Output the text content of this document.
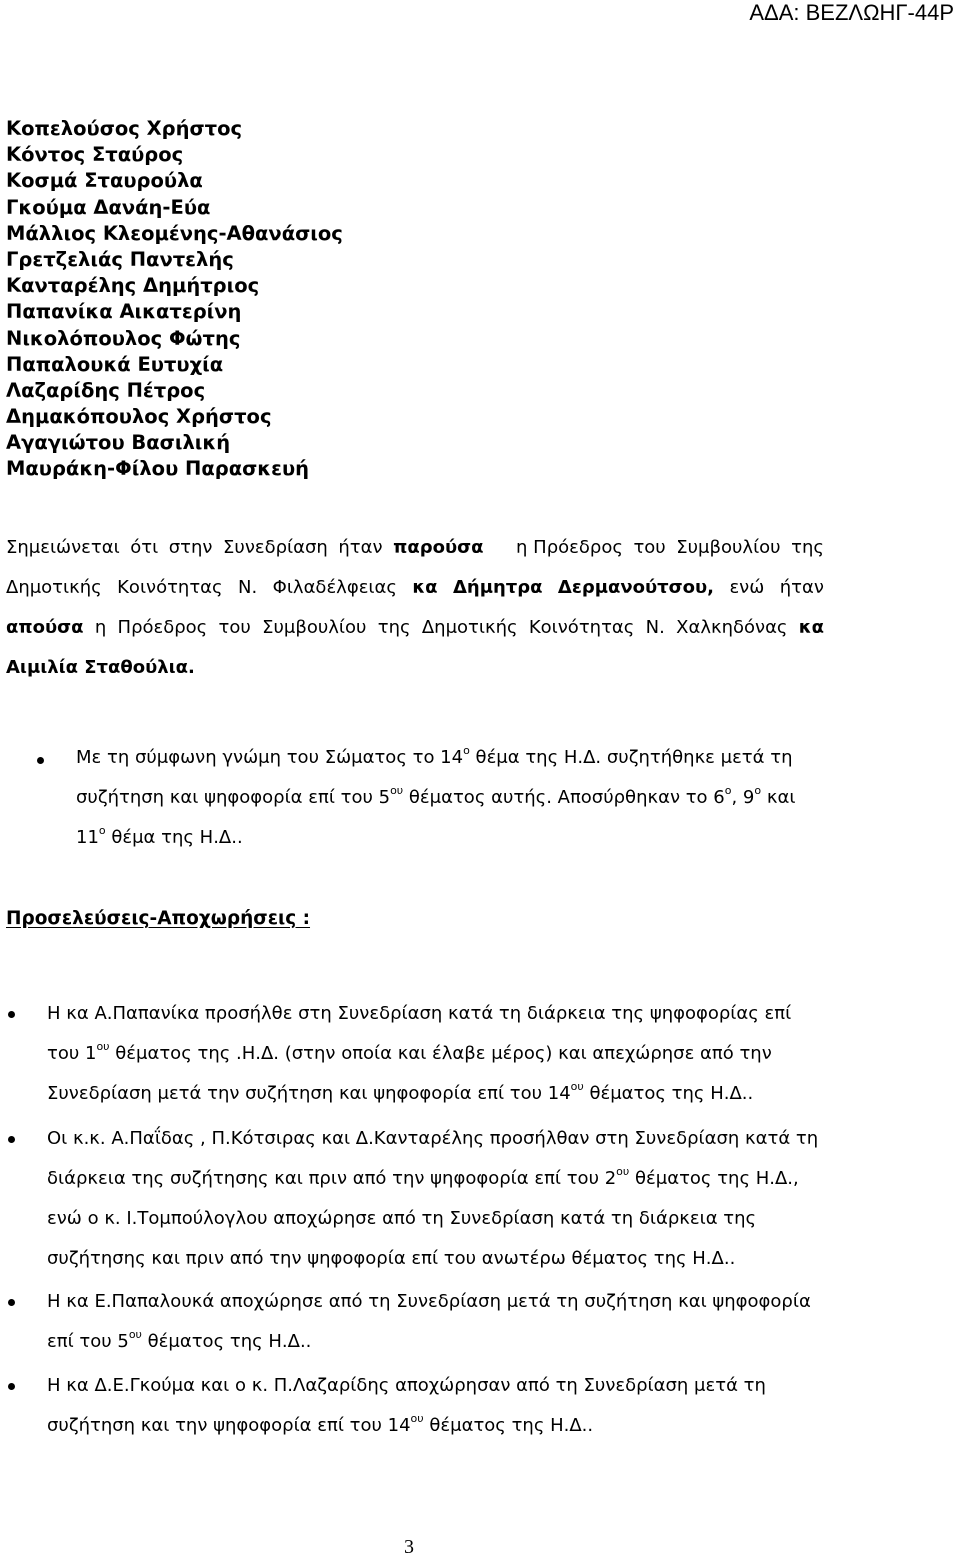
ΑΔΑ: ΒΕΖΛΩΗΓ-44Ρ
Κοπελούσος Χρήστος
Κόντος Σταύρος
Κοσμά Σταυρούλα
Γκούμα Δανάη-Εύα
Μάλλιος Κλεομένης-Αθανάσιος
Γρετζελιάς Παντελής
Κανταρέλης Δημήτριος
Παπανίκα Αικατερίνη
Νικολόπουλος Φώτης
Παπαλουκά Ευτυχία
Λαζαρίδης Πέτρος
Δημακόπουλος Χρήστος
Αγαγιώτου Βασιλική
Μαυράκη-Φίλου Παρασκευή
Σημειώνεται ότι στην Συνεδρίαση ήταν παρούσα η Πρόεδρος του Συμβουλίου της
Δημοτικής Κοινότητας Ν. Φιλαδέλφειας κα Δήμητρα Δερμανούτσου, ενώ ήταν
απούσα η Πρόεδρος του Συμβουλίου της Δημοτικής Κοινότητας Ν. Χαλκηδόνας κα
Αιμιλία Σταθούλια.
Με τη σύμφωνη γνώμη του Σώματος το $14^o$ θέμα της Η.Δ. συζητήθηκε μετά τη
συζήτηση και ψηφοφορία επί του $5^{o\upsilon}$ θέματος αυτής. Αποσύρθηκαν το $6^o$, $9^o$ και
$11^o$ θέμα της Η.Δ..
Προσελεύσεις-Αποχωρήσεις :
Η κα Α.Παπανίκα προσήλθε στη Συνεδρίαση κατά τη διάρκεια της ψηφοφορίας επί
του $1^{o\upsilon}$ θέματος της .Η.Δ. (στην οποία και έλαβε μέρος) και απεχώρησε από την
Συνεδρίαση μετά την συζήτηση και ψηφοφορία επί του $14^{o\upsilon}$ θέματος της Η.Δ..
Οι κ.κ. Α.Παΐδας , Π.Κότσιρας και Δ.Κανταρέλης προσήλθαν στη Συνεδρίαση κατά τη
διάρκεια της συζήτησης και πριν από την ψηφοφορία επί του $2^{o\upsilon}$ θέματος της Η.Δ.,
ενώ ο κ. Ι.Τομπούλογλου αποχώρησε από τη Συνεδρίαση κατά τη διάρκεια της
συζήτησης και πριν από την ψηφοφορία επί του ανωτέρω θέματος της Η.Δ..
Η κα Ε.Παπαλουκά αποχώρησε από τη Συνεδρίαση μετά τη συζήτηση και ψηφοφορία
επί του $5^{o\upsilon}$ θέματος της Η.Δ..
Η κα Δ.Ε.Γκούμα και ο κ. Π.Λαζαρίδης αποχώρησαν από τη Συνεδρίαση μετά τη
συζήτηση και την ψηφοφορία επί του $14^{o\upsilon}$ θέματος της Η.Δ..
3
